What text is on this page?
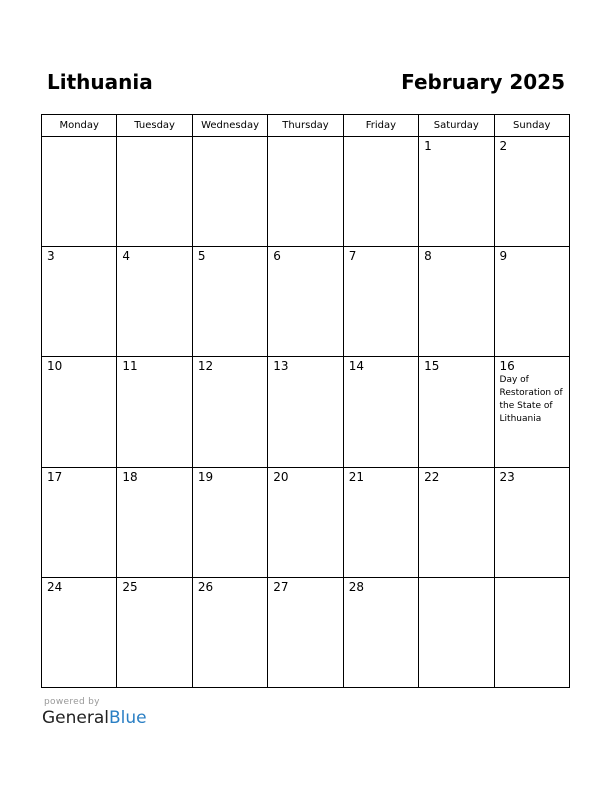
Lithuania	February 2025
Monday	Tuesday	Wednesday	Thursday	Friday	Saturday	Sunday

					1	2

3	4	5	6	7	8	9

10	11	12	13	14	15	16
Day of Restoration of the State of Lithuania

17	18	19	20	21	22	23

24	25	26	27	28		

powered by
GeneralBlue
